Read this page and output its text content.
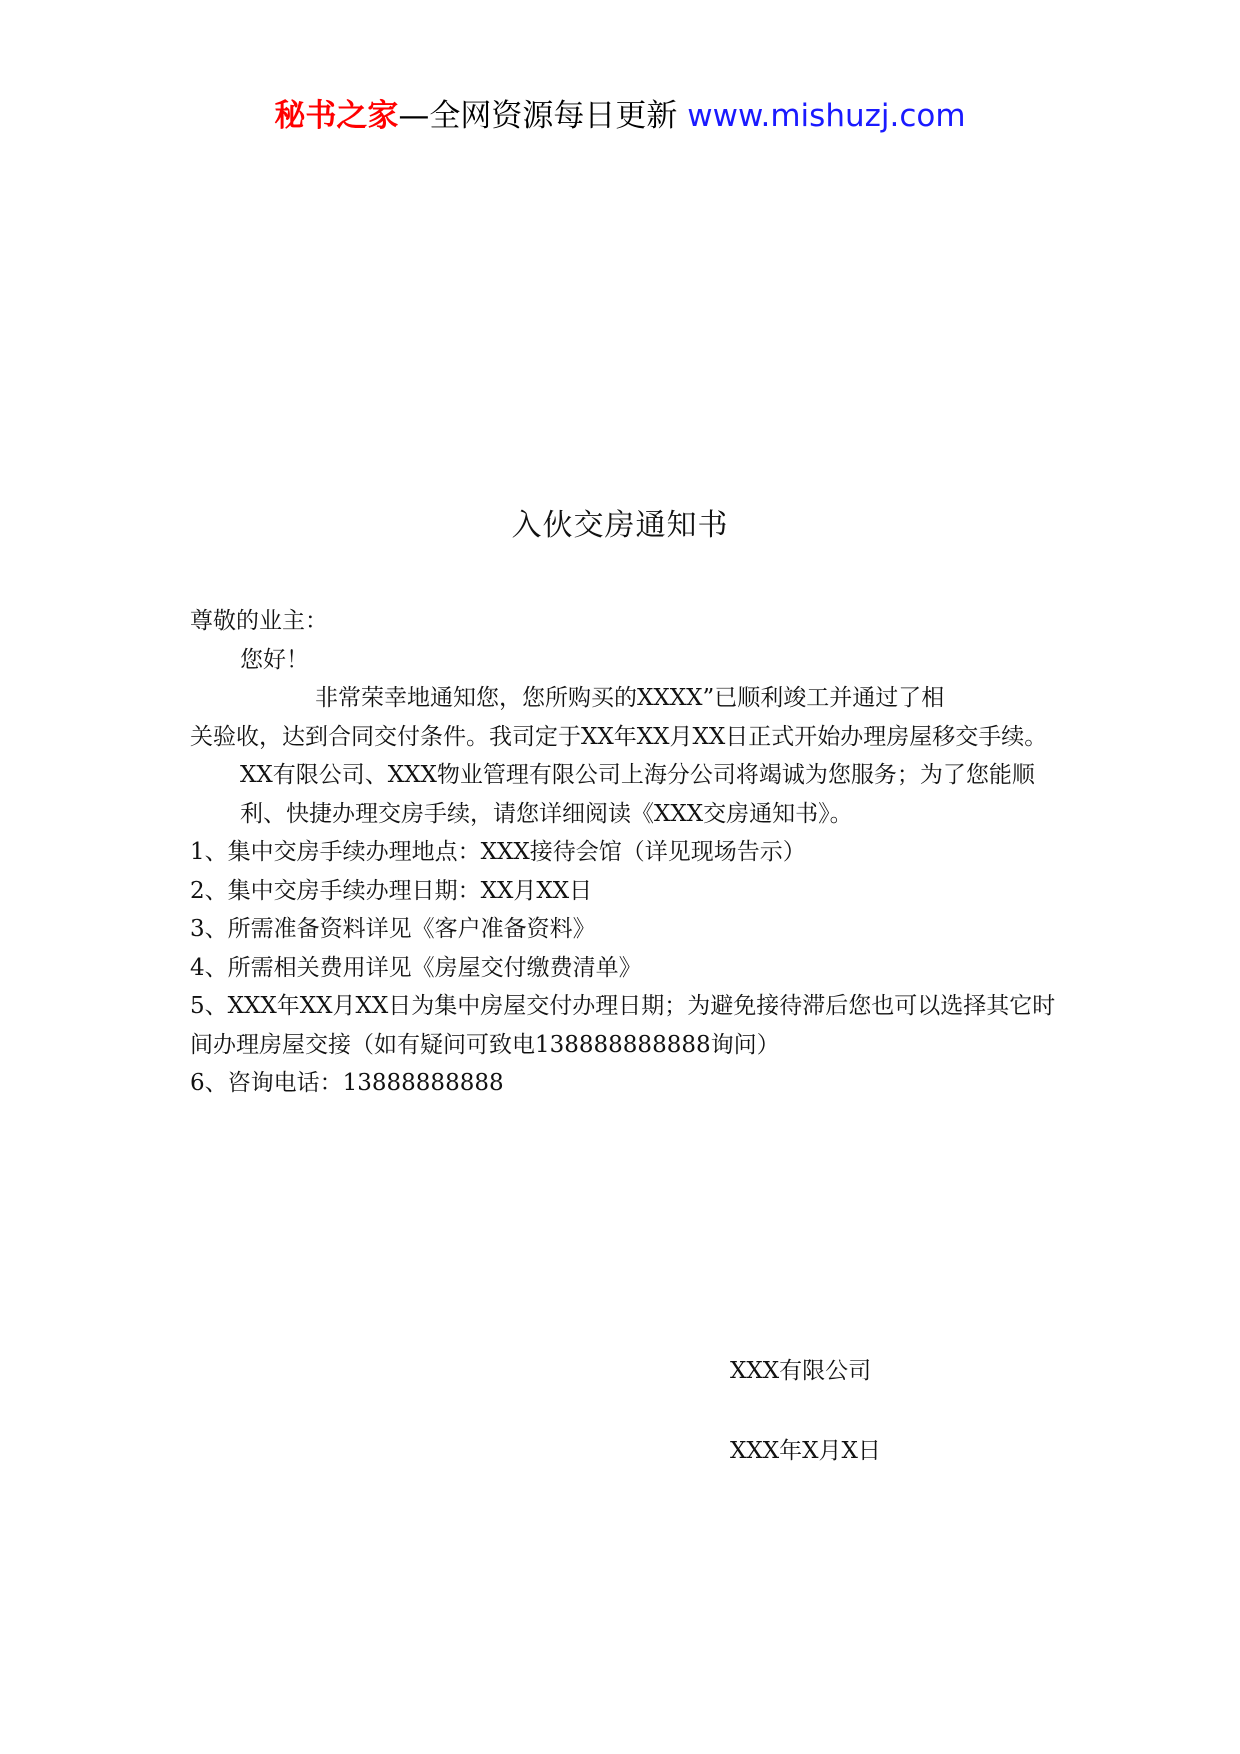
秘书之家—全网资源每日更新 www.mishuzj.com
入伙交房通知书

尊敬的业主：

您好！

非常荣幸地通知您，您所购买的XXXX”已顺利竣工并通过了相

关验收，达到合同交付条件。我司定于XX年XX月XX日正式开始办理房屋移交手续。

XX有限公司、XXX物业管理有限公司上海分公司将竭诚为您服务；为了您能顺利、快捷办理交房手续，请您详细阅读《XXX交房通知书》。

1、集中交房手续办理地点：XXX接待会馆（详见现场告示）

2、集中交房手续办理日期：XX月XX日

3、所需准备资料详见《客户准备资料》

4、所需相关费用详见《房屋交付缴费清单》

5、XXX年XX月XX日为集中房屋交付办理日期；为避免接待滞后您也可以选择其它时间办理房屋交接（如有疑问可致电138888888888询问）

6、咨询电话：13888888888

XXX有限公司
XXX年X月X日
